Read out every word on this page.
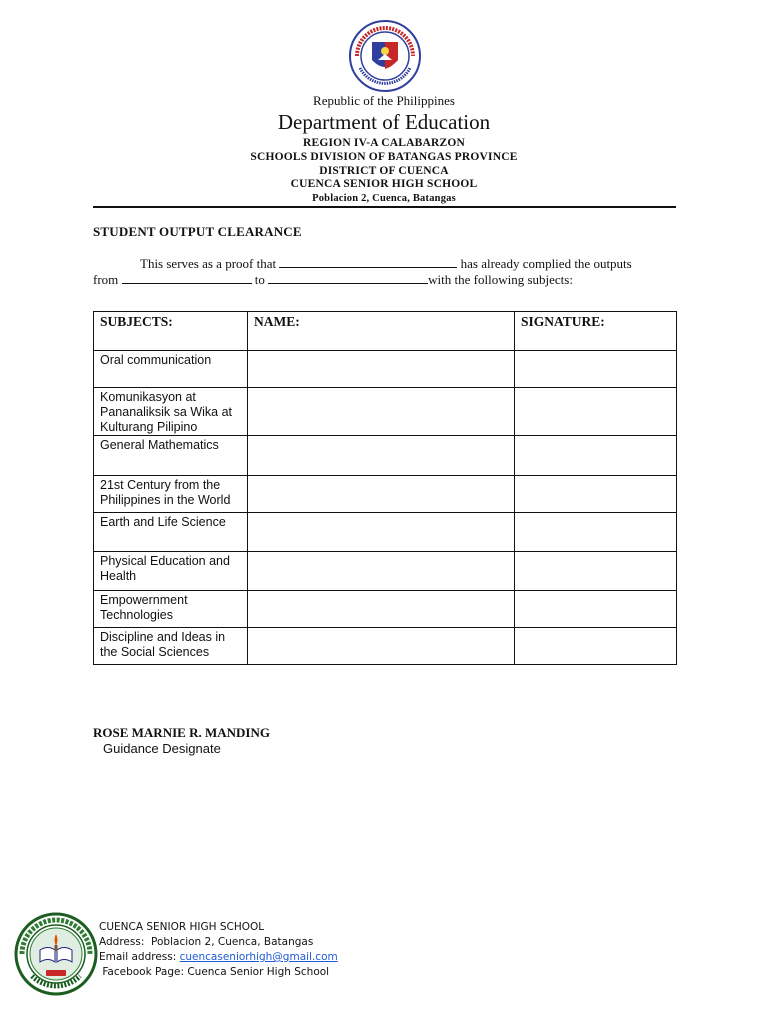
Republic of the Philippines
Department of Education
REGION IV-A CALABARZON
SCHOOLS DIVISION OF BATANGAS PROVINCE
DISTRICT OF CUENCA
CUENCA SENIOR HIGH SCHOOL
Poblacion 2, Cuenca, Batangas
STUDENT OUTPUT CLEARANCE
This serves as a proof that	has already complied the outputs
from	to	with the following subjects:
SUBJECTS:	NAME:	SIGNATURE:
Oral communication		
Komunikasyon at Pananaliksik sa Wika at Kulturang Pilipino		
General Mathematics		
21st Century from the Philippines in the World		
Earth and Life Science		
Physical Education and Health		
Empowernment Technologies		
Discipline and Ideas in the Social Sciences		
ROSE MARNIE R. MANDING
Guidance Designate
CUENCA SENIOR HIGH SCHOOL
Address: Poblacion 2, Cuenca, Batangas
Email address: cuencaseniorhigh@gmail.com
Facebook Page: Cuenca Senior High School
